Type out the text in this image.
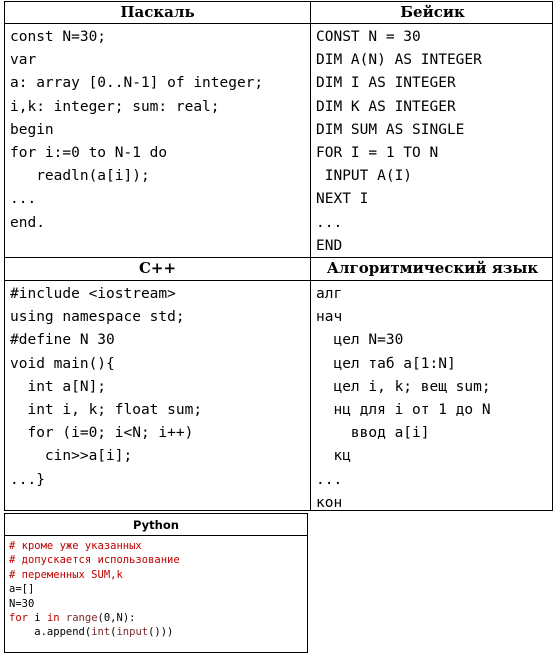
Паскаль	Бейсик
C++	Алгоритмический язык
const N=30;
var
a: array [0..N-1] of integer;
i,k: integer; sum: real;
begin
for i:=0 to N-1 do
readln(a[i]);
...
end.
CONST N = 30
DIM A(N) AS INTEGER
DIM I AS INTEGER
DIM K AS INTEGER
DIM SUM AS SINGLE
FOR I = 1 TO N
INPUT A(I)
NEXT I
...
END
#include <iostream>
using namespace std;
#define N 30
void main(){
int a[N];
int i, k; float sum;
for (i=0; i<N; i++)
cin>>a[i];
...}
алг
нач
цел N=30
цел таб a[1:N]
цел i, k; вещ sum;
нц для i от 1 до N
ввод a[i]
кц
...
кон
Python
# кроме уже указанных
# допускается использование
# переменных SUM,k
a=[]
N=30
for i in range(0,N):
a.append(int(input()))
